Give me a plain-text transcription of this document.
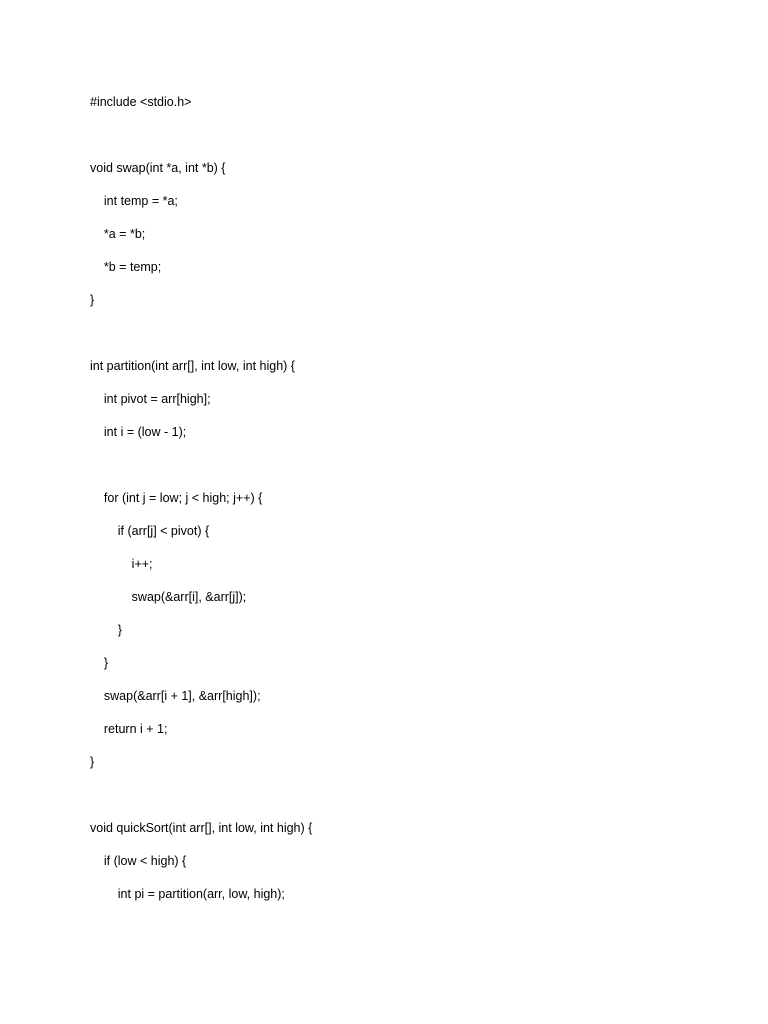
#include <stdio.h>

void swap(int *a, int *b) {

int temp = *a;

*a = *b;

*b = temp;

}

int partition(int arr[], int low, int high) {

int pivot = arr[high];

int i = (low - 1);

for (int j = low; j < high; j++) {

if (arr[j] < pivot) {

i++;

swap(&arr[i], &arr[j]);

}

}

swap(&arr[i + 1], &arr[high]);

return i + 1;

}

void quickSort(int arr[], int low, int high) {

if (low < high) {

int pi = partition(arr, low, high);
